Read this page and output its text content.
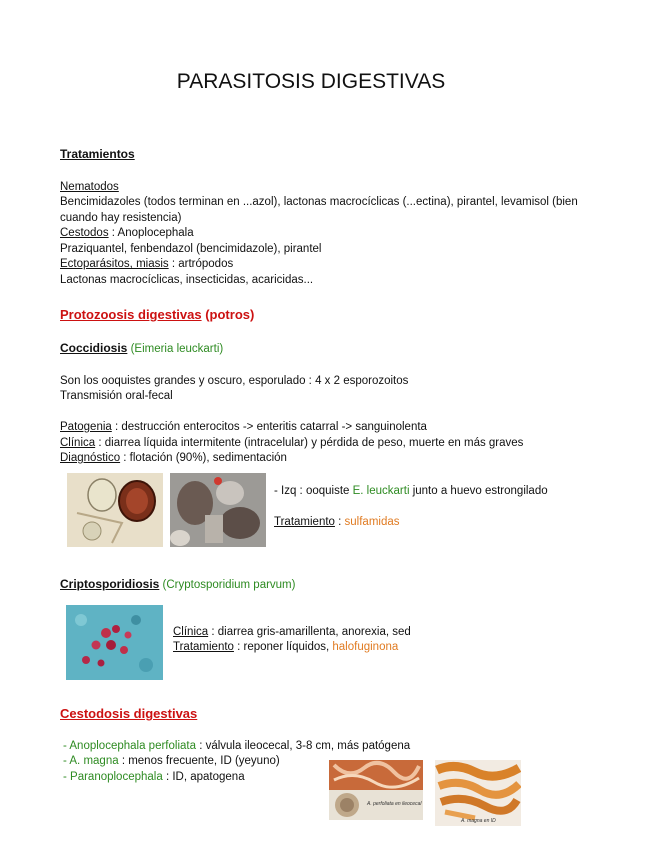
PARASITOSIS DIGESTIVAS
Tratamientos
Nematodos
Bencimidazoles (todos terminan en ...azol), lactonas macrocíclicas (...ectina), pirantel, levamisol (bien cuando hay resistencia)
Cestodos : Anoplocephala
Praziquantel, fenbendazol (bencimidazole), pirantel
Ectoparásitos, miasis : artrópodos
Lactonas macrocíclicas, insecticidas, acaricidas...
Protozoosis digestivas (potros)
Coccidiosis (Eimeria leuckarti)
Son los ooquistes grandes y oscuro, esporulado : 4 x 2 esporozoitos
Transmisión oral-fecal
Patogenia : destrucción enterocitos -> enteritis catarral -> sanguinolenta
Clínica : diarrea líquida intermitente (intracelular) y pérdida de peso, muerte en más graves
Diagnóstico : flotación (90%), sedimentación
- Izq : ooquiste E. leuckarti junto a huevo estrongilado
Tratamiento : sulfamidas
Criptosporidiosis (Cryptosporidium parvum)
Clínica : diarrea gris-amarillenta, anorexia, sed
Tratamiento : reponer líquidos, halofuginona
Cestodosis digestivas
- Anoplocephala perfoliata : válvula ileocecal, 3-8 cm, más patógena
- A. magna : menos frecuente, ID (yeyuno)
- Paranoplocephala : ID, apatogena
A. perfoliata en ileocecal
A. magna en ID
